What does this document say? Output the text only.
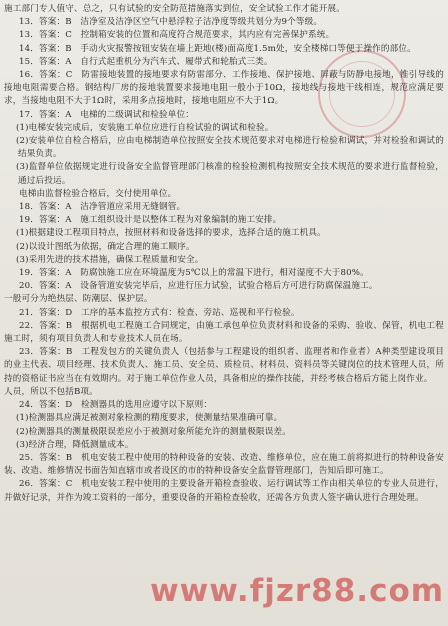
施工部门专人值守、总之，只有试验的安全防范措施落实到位，安全试验工作才能开展。

13．答案：B　洁净室及洁净区空气中悬浮粒子洁净度等级共划分为9个等级。

13．答案：C　控制箱安装的位置和高度符合规范要求，其内应有完善保护系统。

14．答案：B　手动火灾报警按钮安装在墙上距地(楼)面高度1.5m处，安全楼梯口等便于操作的部位。

15．答案：A　自行式起重机分为汽车式、履带式和轮胎式三类。

16．答案：C　防雷接地装置的接地要求有防雷部分、工作接地、保护接地、屏蔽与防静电接地，锥引导线的接地电阻需要合格。钢结构厂房的接地装置要求接地电阻一般小于10Ω，接地线与接地干线相连，规范应满足要求，当接地电阻不大于1Ω时，采用多点接地时，接地电阻应不大于1Ω。

17．答案：A　电梯的二级调试和检验单位：

(1)电梯安装完成后，安装施工单位应进行自检试验的调试和检验。

(2)安装单位自检合格后，应由电梯制造单位按照安全技术规范要求对电梯进行检验和调试，并对检验和调试的结果负责。

(3)监督单位依据规定进行设备安全监督管理部门核准的检验检测机构按照安全技术规范的要求进行监督检验，通过后投运。

电梯由监督检验合格后，交付使用单位。

18．答案：A　洁净管道应采用无缝钢管。

19．答案：A　施工组织设计是以整体工程为对象编制的施工安排。

(1)根据建设工程项目特点，按照材料和设备选择的要求，选择合适的施工机具。

(2)以设计图纸为依据，确定合理的施工顺序。

(3)采用先进的技术措施，确保工程质量和安全。

19．答案：A　防腐蚀施工应在环境温度为5℃以上的常温下进行，相对湿度不大于80%。

20．答案：A　设备管道安装完毕后，应进行压力试验，试验合格后方可进行防腐保温施工。

一般可分为绝热层、防潮层、保护层。

21．答案：D　工序的基本监控方式有：检查、旁站、巡视和平行检验。

22．答案：B　根据机电工程施工合同规定，由施工承包单位负责材料和设备的采购、验收、保管，机电工程施工时，须有项目负责人和专业技术人员在场。

23．答案：B　工程发包方的关键负责人（包括参与工程建设的组织者、监理者和作业者）A种类型建设项目的业主代表、项目经理、技术负责人、施工员、安全员、质检员、材料员、资料员等关键岗位的技术管理人员，所持的资格证书应当在有效期内。对于施工单位作业人员，具备相应的操作技能，并经考核合格后方能上岗作业。

人员，所以不包括B项。

24．答案：D　检测器具的选用应遵守以下原则：

(1)检测器具应满足被测对象检测的精度要求，使测量结果准确可靠。

(2)检测器具的测量极限误差应小于被测对象所能允许的测量极限误差。

(3)经济合理，降低测量成本。

25．答案：B　机电安装工程中使用的特种设备的安装、改造、维修单位，应在施工前将拟进行的特种设备安装、改造、维修情况书面告知直辖市或者设区的市的特种设备安全监督管理部门，告知后即可施工。

26．答案：C　机电安装工程中使用的主要设备开箱检查验收、运行调试等工作由相关单位的专业人员进行，并做好记录，并作为竣工资料的一部分，重要设备的开箱检查验收，还需各方负责人签字确认进行合理处理。

www.fjzr88.com
